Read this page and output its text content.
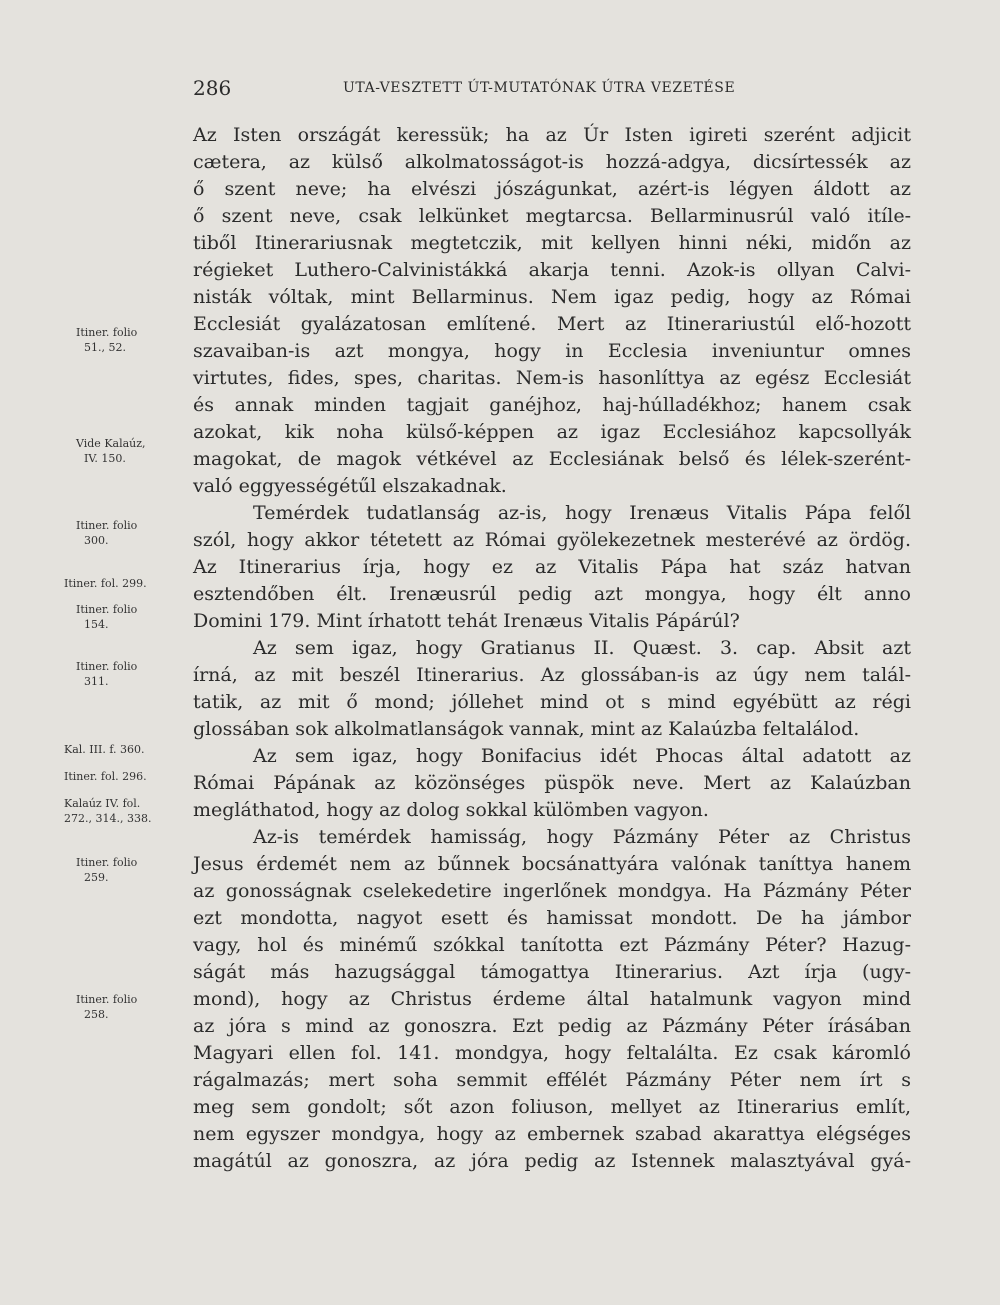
286	UTA-VESZTETT ÚT-MUTATÓNAK ÚTRA VEZETÉSE
Itiner. folio
51., 52.
Vide Kalaúz,
IV. 150.
Itiner. folio
300.
Itiner. fol. 299.
Itiner. folio
154.
Itiner. folio
311.
Kal. III. f. 360.
Itiner. fol. 296.
Kalaúz IV. fol.
272., 314., 338.
Itiner. folio
259.
Itiner. folio
258.
Az Isten országát keressük; ha az Úr Isten igireti szerént adjicit
cætera, az külső alkolmatosságot-is hozzá-adgya, dicsírtessék az
ő szent neve; ha elvészi jószágunkat, azért-is légyen áldott az
ő szent neve, csak lelkünket megtarcsa. Bellarminusrúl való itíle-
tiből Itinerariusnak megtetczik, mit kellyen hinni néki, midőn az
régieket Luthero-Calvinistákká akarja tenni. Azok-is ollyan Calvi-
nisták vóltak, mint Bellarminus. Nem igaz pedig, hogy az Római
Ecclesiát gyalázatosan említené. Mert az Itinerariustúl elő-hozott
szavaiban-is azt mongya, hogy in Ecclesia inveniuntur omnes
virtutes, fides, spes, charitas. Nem-is hasonlíttya az egész Ecclesiát
és annak minden tagjait ganéjhoz, haj-húlladékhoz; hanem csak
azokat, kik noha külső-képpen az igaz Ecclesiához kapcsollyák
magokat, de magok vétkével az Ecclesiának belső és lélek-szerént-
való eggyességétűl elszakadnak.
Temérdek tudatlanság az-is, hogy Irenæus Vitalis Pápa felől
szól, hogy akkor tétetett az Római gyölekezetnek mesterévé az ördög.
Az Itinerarius írja, hogy ez az Vitalis Pápa hat száz hatvan
esztendőben élt. Irenæusrúl pedig azt mongya, hogy élt anno
Domini 179. Mint írhatott tehát Irenæus Vitalis Pápárúl?
Az sem igaz, hogy Gratianus II. Quæst. 3. cap. Absit azt
írná, az mit beszél Itinerarius. Az glossában-is az úgy nem talál-
tatik, az mit ő mond; jóllehet mind ot s mind egyébütt az régi
glossában sok alkolmatlanságok vannak, mint az Kalaúzba feltalálod.
Az sem igaz, hogy Bonifacius idét Phocas által adatott az
Római Pápának az közönséges püspök neve. Mert az Kalaúzban
megláthatod, hogy az dolog sokkal külömben vagyon.
Az-is temérdek hamisság, hogy Pázmány Péter az Christus
Jesus érdemét nem az bűnnek bocsánattyára valónak taníttya hanem
az gonosságnak cselekedetire ingerlőnek mondgya. Ha Pázmány Péter
ezt mondotta, nagyot esett és hamissat mondott. De ha jámbor
vagy, hol és minémű szókkal tanította ezt Pázmány Péter? Hazug-
ságát más hazugsággal támogattya Itinerarius. Azt írja (ugy-
mond), hogy az Christus érdeme által hatalmunk vagyon mind
az jóra s mind az gonoszra. Ezt pedig az Pázmány Péter írásában
Magyari ellen fol. 141. mondgya, hogy feltalálta. Ez csak káromló
rágalmazás; mert soha semmit effélét Pázmány Péter nem írt s
meg sem gondolt; sőt azon foliuson, mellyet az Itinerarius említ,
nem egyszer mondgya, hogy az embernek szabad akarattya elégséges
magátúl az gonoszra, az jóra pedig az Istennek malasztyával gyá-
